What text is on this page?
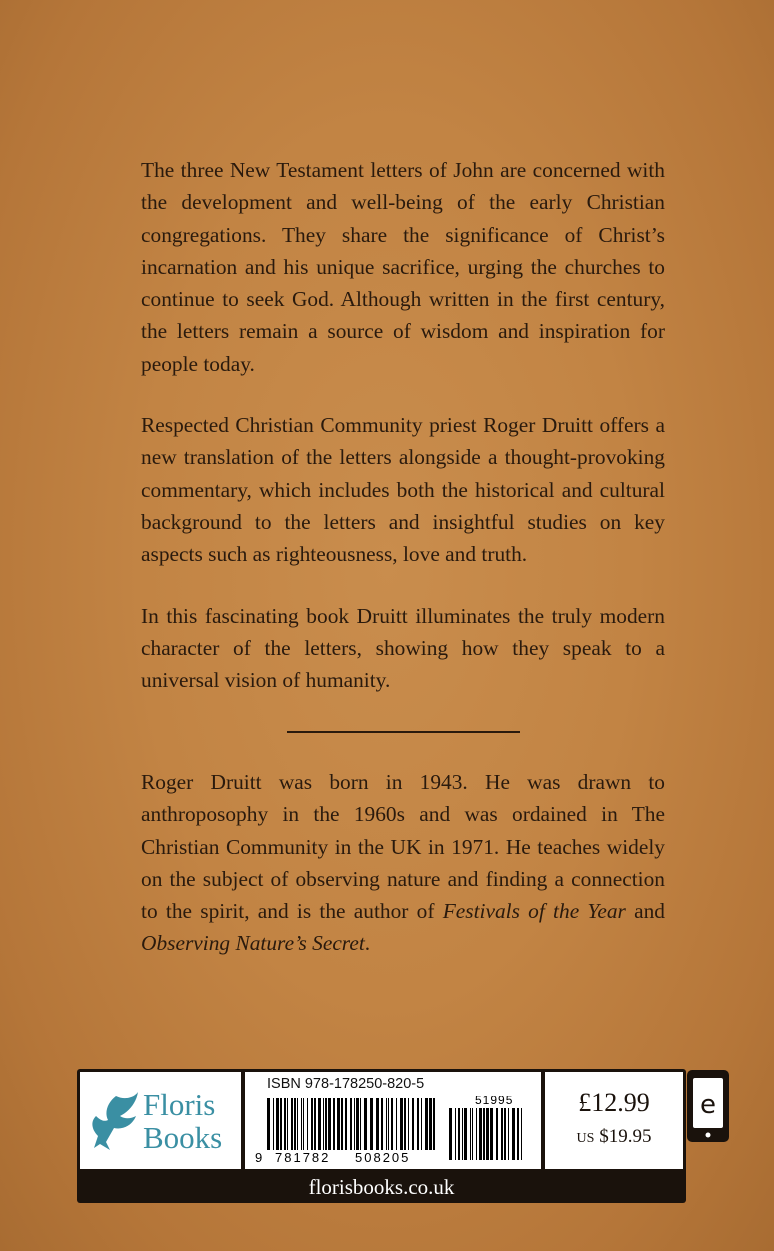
The three New Testament letters of John are concerned with the development and well-being of the early Christian congregations. They share the significance of Christ’s incarnation and his unique sacrifice, urging the churches to continue to seek God. Although written in the first century, the letters remain a source of wisdom and inspiration for people today.

Respected Christian Community priest Roger Druitt offers a new translation of the letters alongside a thought-provoking commentary, which includes both the historical and cultural background to the letters and insightful studies on key aspects such as righteousness, love and truth.

In this fascinating book Druitt illuminates the truly modern character of the letters, showing how they speak to a universal vision of humanity.

Roger Druitt was born in 1943. He was drawn to anthroposophy in the 1960s and was ordained in The Christian Community in the UK in 1971. He teaches widely on the subject of observing nature and finding a connection to the spirit, and is the author of Festivals of the Year and Observing Nature’s Secret.

Floris
Books
ISBN 978-178250-820-5
9 781782 508205
51995	£12.99
US $19.95
florisbooks.co.uk
e
